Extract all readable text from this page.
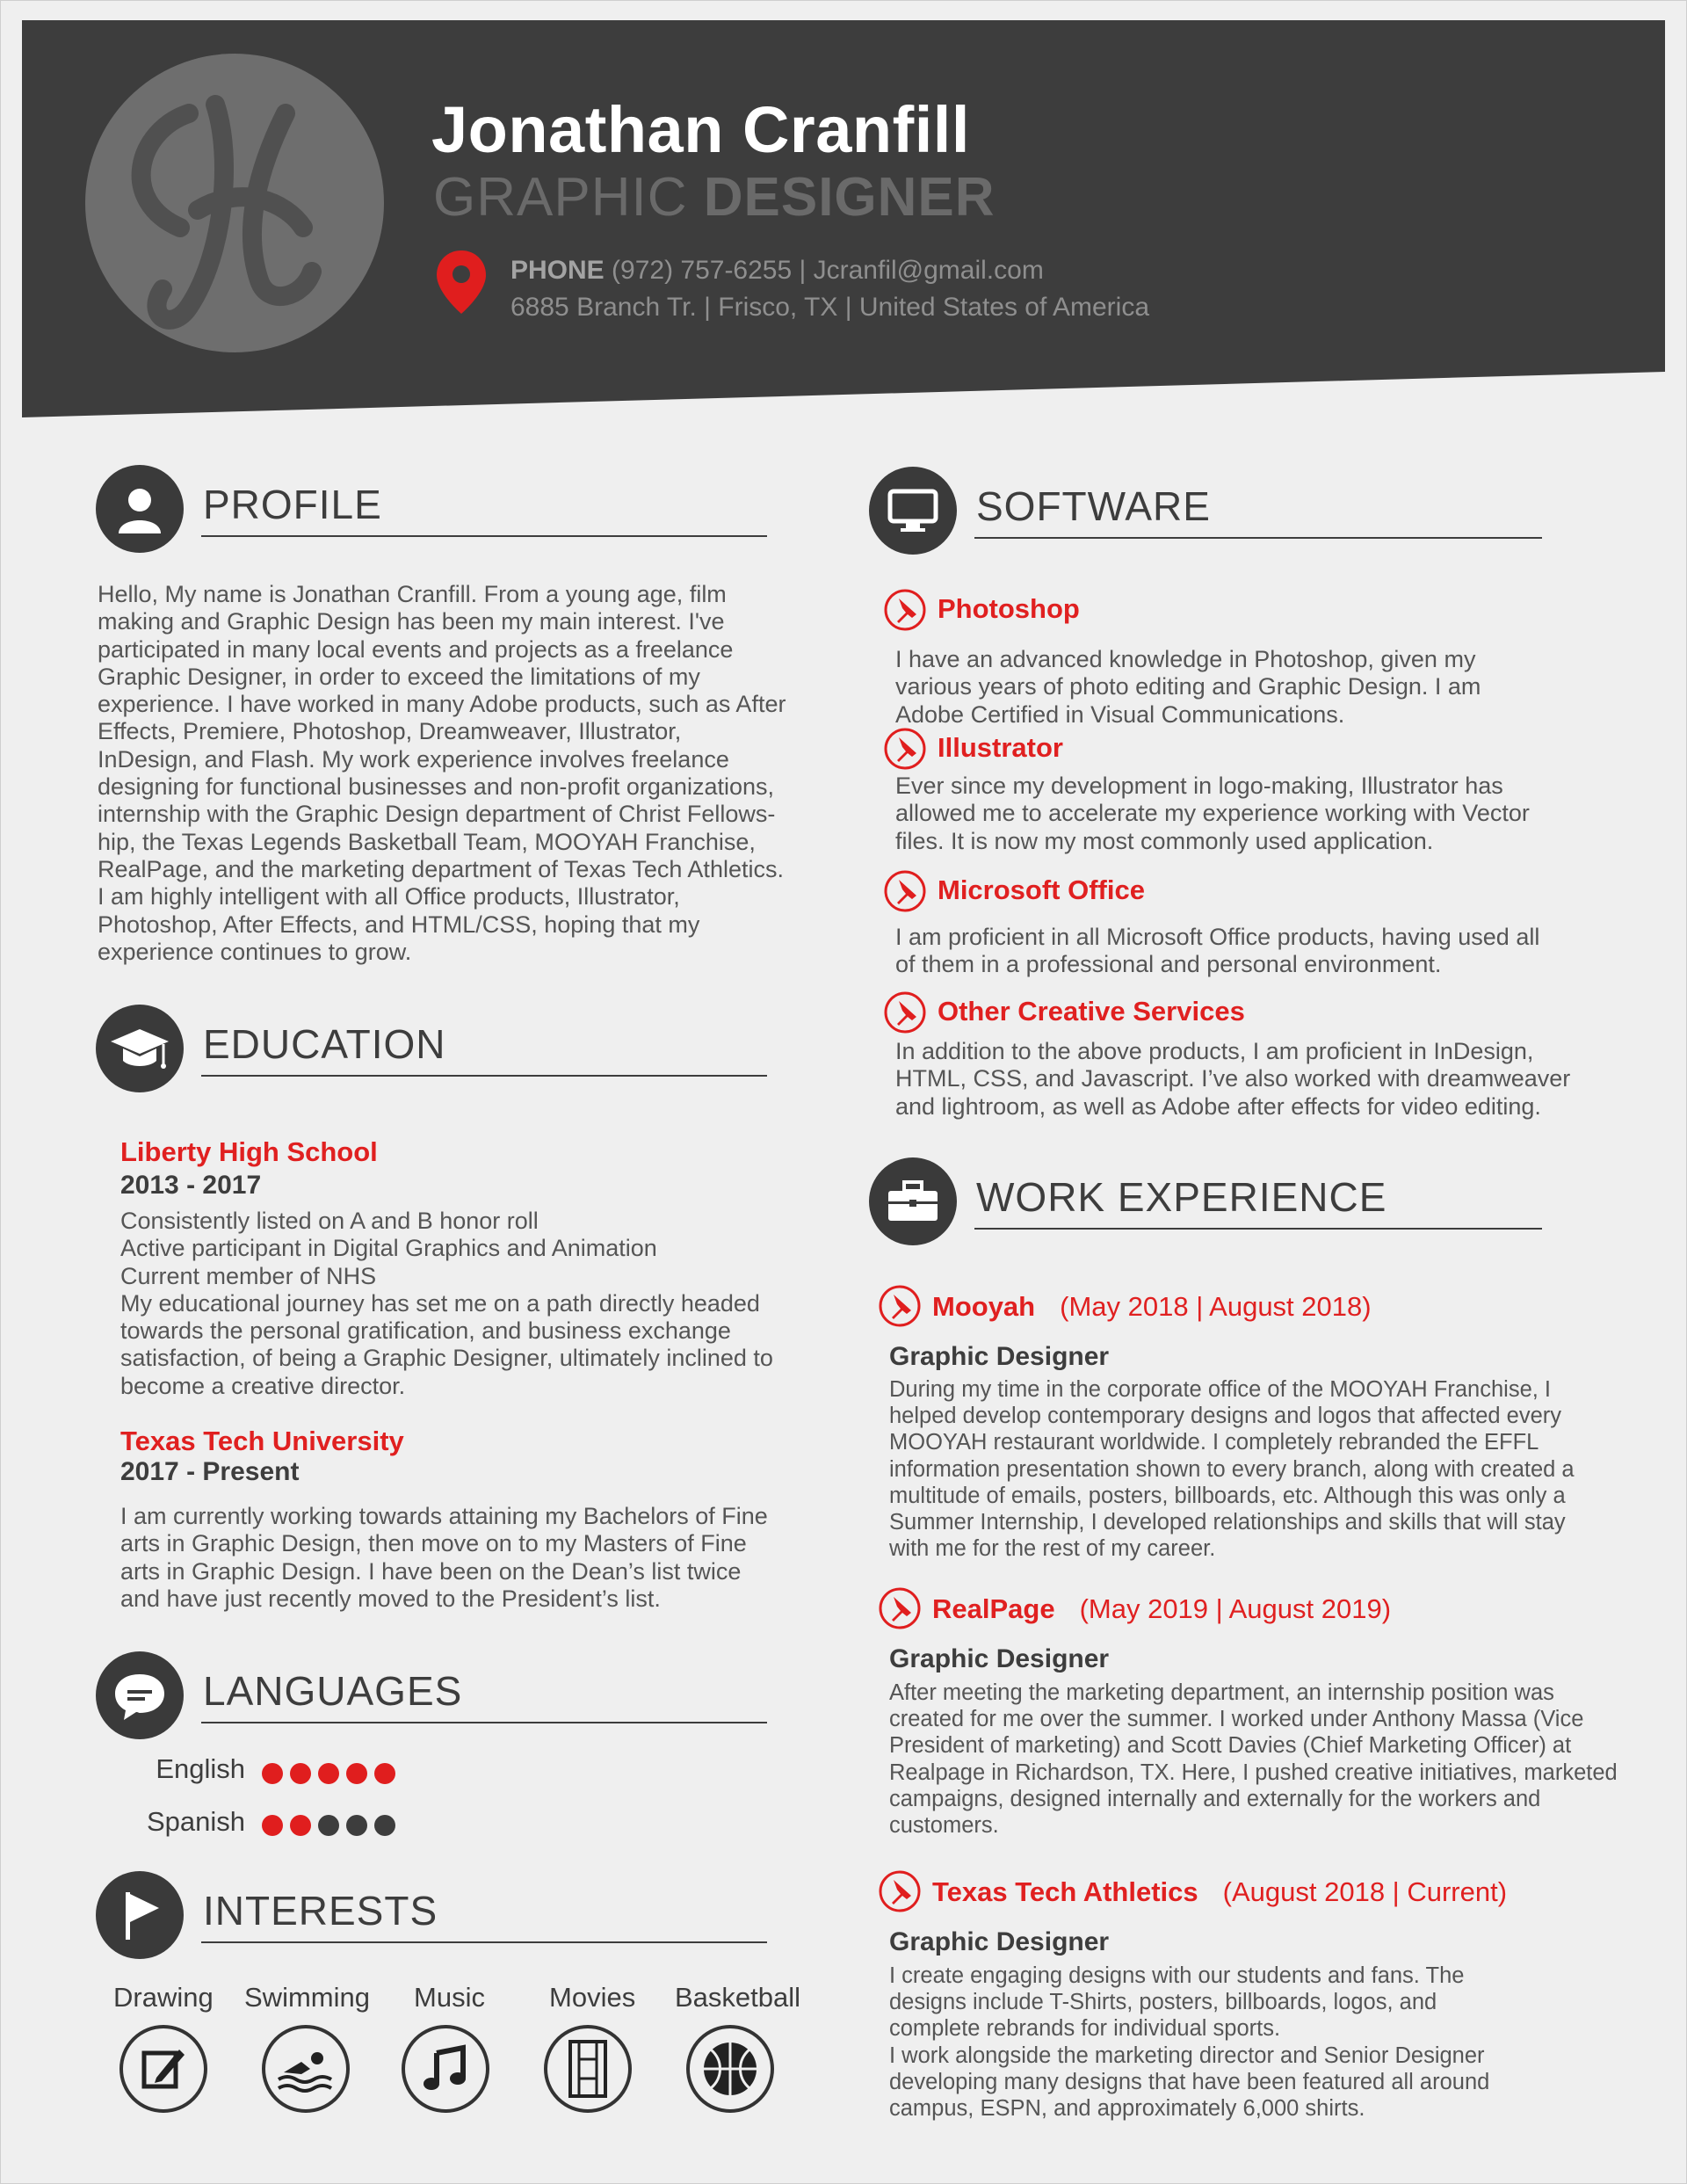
Jonathan Cranfill
GRAPHIC DESIGNER
PHONE (972) 757-6255 | Jcranfil@gmail.com
6885 Branch Tr. | Frisco, TX | United States of America
PROFILE
Hello, My name is Jonathan Cranfill. From a young age, film
making and Graphic Design has been my main interest. I've
participated in many local events and projects as a freelance
Graphic Designer, in order to exceed the limitations of my
experience. I have worked in many Adobe products, such as After
Effects, Premiere, Photoshop, Dreamweaver, Illustrator,
InDesign, and Flash. My work experience involves freelance
designing for functional businesses and non-profit organizations,
internship with the Graphic Design department of Christ Fellows-
hip, the Texas Legends Basketball Team, MOOYAH Franchise,
RealPage, and the marketing department of Texas Tech Athletics.
I am highly intelligent with all Office products, Illustrator,
Photoshop, After Effects, and HTML/CSS, hoping that my
experience continues to grow.
EDUCATION
Liberty High School
2013 - 2017
Consistently listed on A and B honor roll
Active participant in Digital Graphics and Animation
Current member of NHS
My educational journey has set me on a path directly headed
towards the personal gratification, and business exchange
satisfaction, of being a Graphic Designer, ultimately inclined to
become a creative director.
Texas Tech University
2017 - Present
I am currently working towards attaining my Bachelors of Fine
arts in Graphic Design, then move on to my Masters of Fine
arts in Graphic Design. I have been on the Dean’s list twice
and have just recently moved to the President’s list.
LANGUAGES
English
Spanish
INTERESTS
Drawing Swimming Music Movies Basketball
SOFTWARE
Photoshop
I have an advanced knowledge in Photoshop, given my
various years of photo editing and Graphic Design. I am
Adobe Certified in Visual Communications.
Illustrator
Ever since my development in logo-making, Illustrator has
allowed me to accelerate my experience working with Vector
files. It is now my most commonly used application.
Microsoft Office
I am proficient in all Microsoft Office products, having used all
of them in a professional and personal environment.
Other Creative Services
In addition to the above products, I am proficient in InDesign,
HTML, CSS, and Javascript. I’ve also worked with dreamweaver
and lightroom, as well as Adobe after effects for video editing.
WORK EXPERIENCE
Mooyah (May 2018 | August 2018)
Graphic Designer
During my time in the corporate office of the MOOYAH Franchise, I
helped develop contemporary designs and logos that affected every
MOOYAH restaurant worldwide. I completely rebranded the EFFL
information presentation shown to every branch, along with created a
multitude of emails, posters, billboards, etc. Although this was only a
Summer Internship, I developed relationships and skills that will stay
with me for the rest of my career.
RealPage (May 2019 | August 2019)
Graphic Designer
After meeting the marketing department, an internship position was
created for me over the summer. I worked under Anthony Massa (Vice
President of marketing) and Scott Davies (Chief Marketing Officer) at
Realpage in Richardson, TX. Here, I pushed creative initiatives, marketed
campaigns, designed internally and externally for the workers and
customers.
Texas Tech Athletics (August 2018 | Current)
Graphic Designer
I create engaging designs with our students and fans. The
designs include T-Shirts, posters, billboards, logos, and
complete rebrands for individual sports.
I work alongside the marketing director and Senior Designer
developing many designs that have been featured all around
campus, ESPN, and approximately 6,000 shirts.
